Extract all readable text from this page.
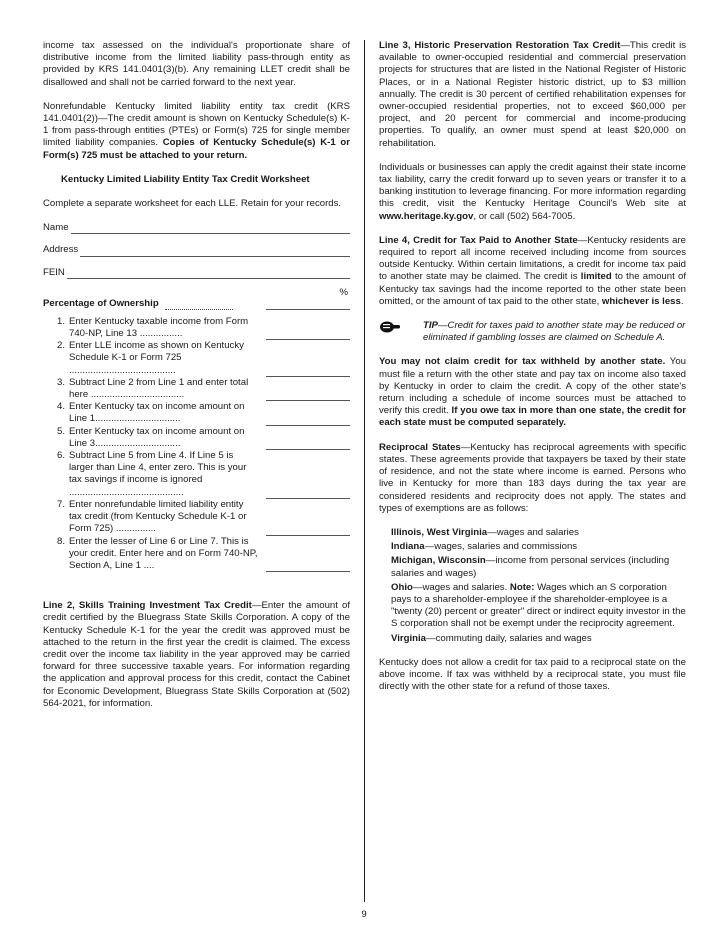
income tax assessed on the individual's proportionate share of distributive income from the limited liability pass-through entity as provided by KRS 141.0401(3)(b). Any remaining LLET credit shall be disallowed and shall not be carried forward to the next year.

Nonrefundable Kentucky limited liability entity tax credit (KRS 141.0401(2))—The credit amount is shown on Kentucky Schedule(s) K-1 from pass-through entities (PTEs) or Form(s) 725 for single member limited liability companies. Copies of Kentucky Schedule(s) K-1 or Form(s) 725 must be attached to your return.

Kentucky Limited Liability Entity Tax Credit Worksheet

Complete a separate worksheet for each LLE. Retain for your records.

Name
Address
FEIN
Percentage of Ownership
%
1. Enter Kentucky taxable income from Form 740-NP, Line 13 ................
2. Enter LLE income as shown on Kentucky Schedule K-1 or Form 725 ........................................
3. Subtract Line 2 from Line 1 and enter total here ...................................
4. Enter Kentucky tax on income amount on Line 1................................
5. Enter Kentucky tax on income amount on Line 3................................
6. Subtract Line 5 from Line 4. If Line 5 is larger than Line 4, enter zero. This is your tax savings if income is ignored ...........................................
7. Enter nonrefundable limited liability entity tax credit (from Kentucky Schedule K-1 or Form 725) ...............
8. Enter the lesser of Line 6 or Line 7. This is your credit. Enter here and on Form 740-NP, Section A, Line 1 ....

Line 2, Skills Training Investment Tax Credit—Enter the amount of credit certified by the Bluegrass State Skills Corporation. A copy of the Kentucky Schedule K-1 for the year the credit was approved must be attached to the return in the first year the credit is claimed. The excess credit over the income tax liability in the year approved may be carried forward for three successive taxable years. For information regarding the application and approval process for this credit, contact the Cabinet for Economic Development, Bluegrass State Skills Corporation at (502) 564-2021, for information.

Line 3, Historic Preservation Restoration Tax Credit—This credit is available to owner-occupied residential and commercial preservation projects for structures that are listed in the National Register of Historic Places, or in a National Register historic district, up to $3 million annually. The credit is 30 percent of certified rehabilitation expenses for owner-occupied residential properties, not to exceed $60,000 per project, and 20 percent for commercial and income-producing properties. To qualify, an owner must spend at least $20,000 on rehabilitation.

Individuals or businesses can apply the credit against their state income tax liability, carry the credit forward up to seven years or transfer it to a banking institution to leverage financing. For more information regarding this credit, visit the Kentucky Heritage Council's Web site at www.heritage.ky.gov, or call (502) 564-7005.

Line 4, Credit for Tax Paid to Another State—Kentucky residents are required to report all income received including income from sources outside Kentucky. Within certain limitations, a credit for income tax paid to another state may be claimed. The credit is limited to the amount of Kentucky tax savings had the income reported to the other state been omitted, or the amount of tax paid to the other state, whichever is less.

TIP—Credit for taxes paid to another state may be reduced or eliminated if gambling losses are claimed on Schedule A.

You may not claim credit for tax withheld by another state. You must file a return with the other state and pay tax on income also taxed by Kentucky in order to claim the credit. A copy of the other state's return including a schedule of income sources must be attached to verify this credit. If you owe tax in more than one state, the credit for each state must be computed separately.

Reciprocal States—Kentucky has reciprocal agreements with specific states. These agreements provide that taxpayers be taxed by their state of residence, and not the state where income is earned. Persons who live in Kentucky for more than 183 days during the tax year are considered residents and reciprocity does not apply. The states and types of exemptions are as follows:

Illinois, West Virginia—wages and salaries
Indiana—wages, salaries and commissions
Michigan, Wisconsin—income from personal services (including salaries and wages)
Ohio—wages and salaries. Note: Wages which an S corporation pays to a shareholder-employee if the shareholder-employee is a "twenty (20) percent or greater" direct or indirect equity investor in the S corporation shall not be exempt under the reciprocity agreement.
Virginia—commuting daily, salaries and wages

Kentucky does not allow a credit for tax paid to a reciprocal state on the above income. If tax was withheld by a reciprocal state, you must file directly with the other state for a refund of those taxes.

9
